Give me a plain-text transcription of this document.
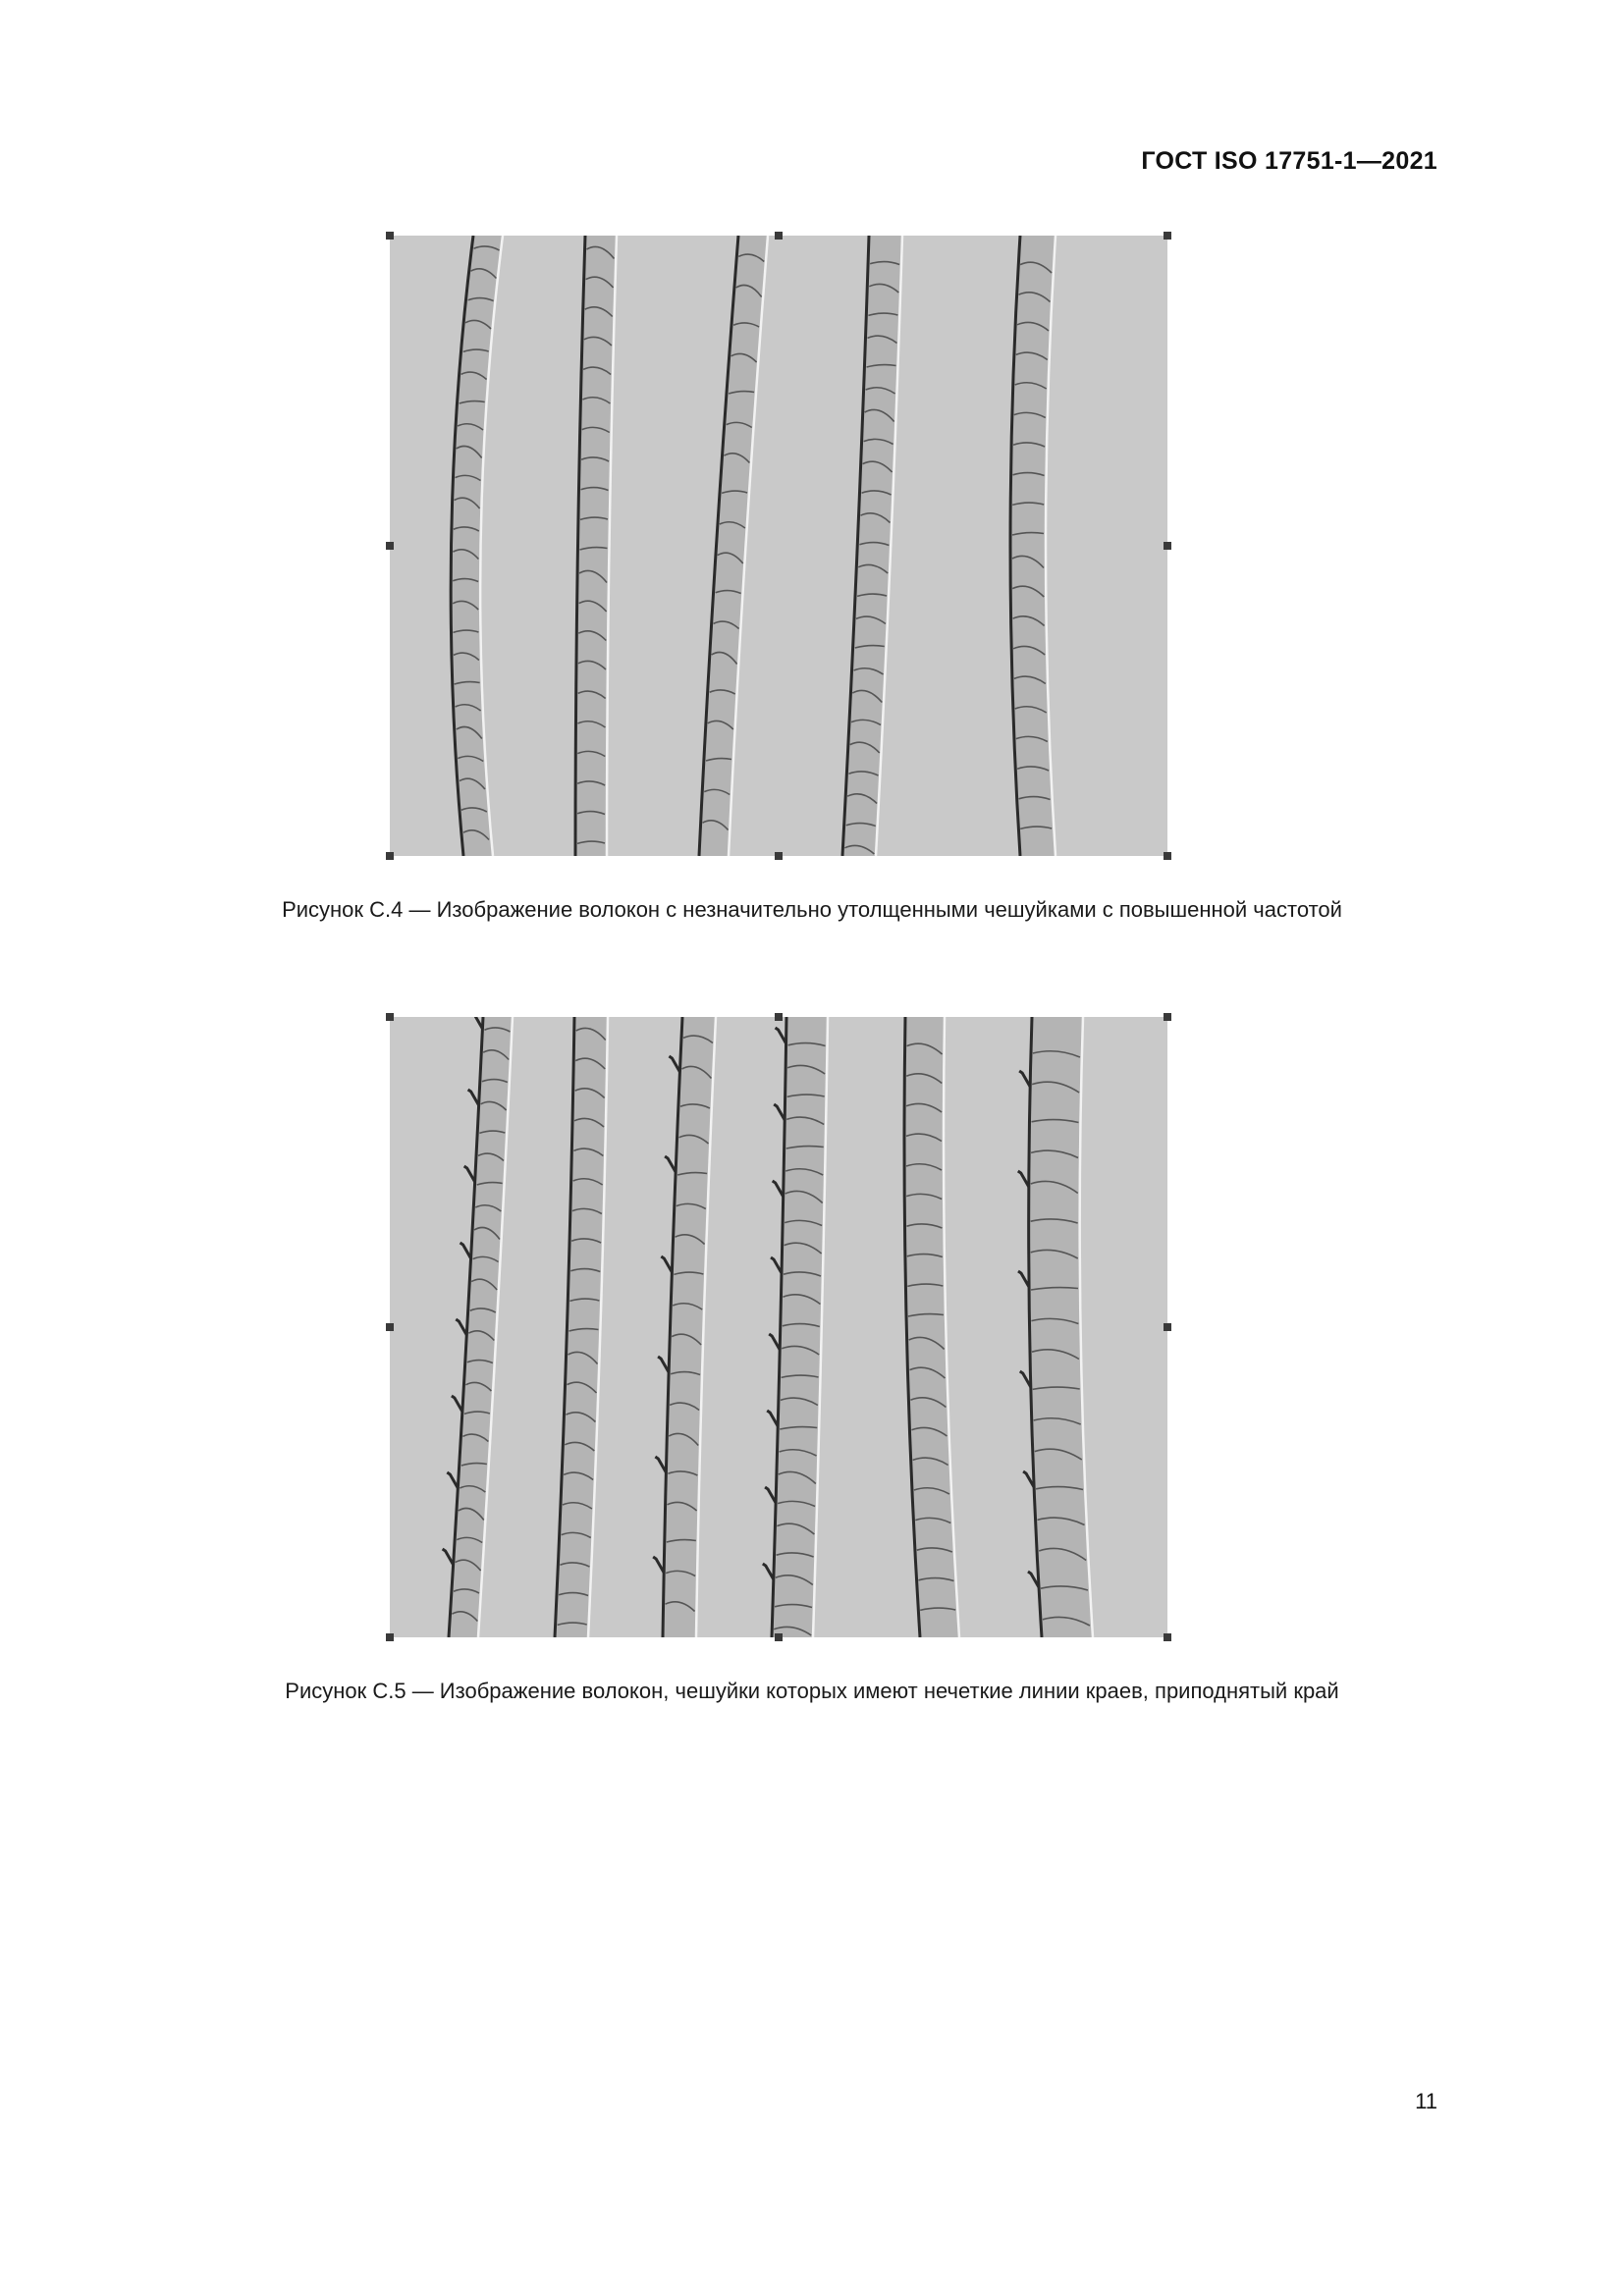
ГОСТ ISO 17751-1—2021
Рисунок С.4 — Изображение волокон с незначительно утолщенными чешуйками с повышенной частотой
Рисунок С.5 — Изображение волокон, чешуйки которых имеют нечеткие линии краев, приподнятый край
11
